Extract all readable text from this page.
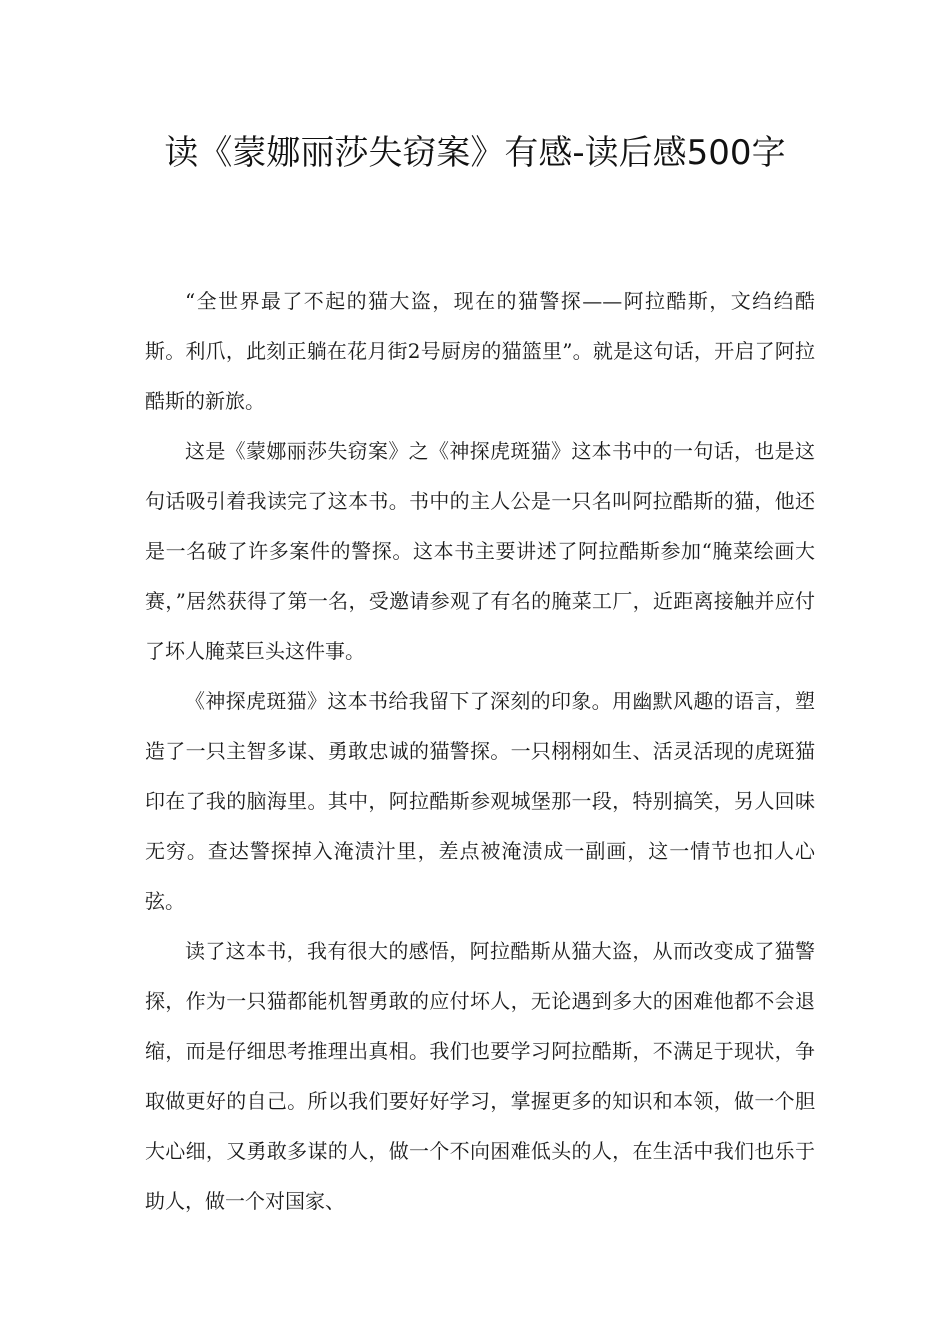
读《蒙娜丽莎失窃案》有感-读后感500字

“全世界最了不起的猫大盗，现在的猫警探——阿拉酷斯，文绉绉酷斯。利爪，此刻正躺在花月街2号厨房的猫篮里”。就是这句话，开启了阿拉酷斯的新旅。

这是《蒙娜丽莎失窃案》之《神探虎斑猫》这本书中的一句话，也是这句话吸引着我读完了这本书。书中的主人公是一只名叫阿拉酷斯的猫，他还是一名破了许多案件的警探。这本书主要讲述了阿拉酷斯参加“腌菜绘画大赛，”居然获得了第一名，受邀请参观了有名的腌菜工厂，近距离接触并应付了坏人腌菜巨头这件事。

《神探虎斑猫》这本书给我留下了深刻的印象。用幽默风趣的语言，塑造了一只主智多谋、勇敢忠诚的猫警探。一只栩栩如生、活灵活现的虎斑猫印在了我的脑海里。其中，阿拉酷斯参观城堡那一段，特别搞笑，另人回味无穷。查达警探掉入淹渍汁里，差点被淹渍成一副画，这一情节也扣人心弦。

读了这本书，我有很大的感悟，阿拉酷斯从猫大盗，从而改变成了猫警探，作为一只猫都能机智勇敢的应付坏人，无论遇到多大的困难他都不会退缩，而是仔细思考推理出真相。我们也要学习阿拉酷斯，不满足于现状，争取做更好的自己。所以我们要好好学习，掌握更多的知识和本领，做一个胆大心细，又勇敢多谋的人，做一个不向困难低头的人，在生活中我们也乐于助人，做一个对国家、
